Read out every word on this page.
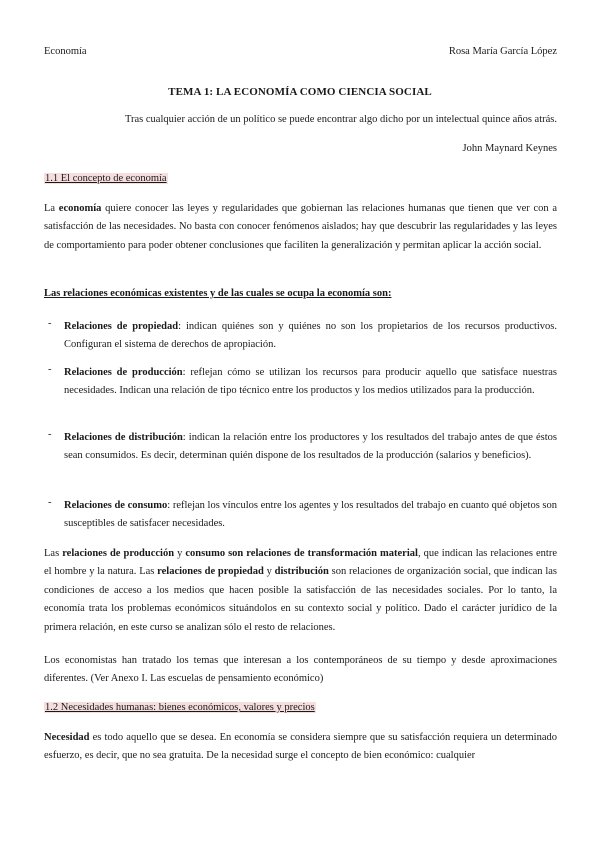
Economía	Rosa María García López
TEMA 1: LA ECONOMÍA COMO CIENCIA SOCIAL
Tras cualquier acción de un político se puede encontrar algo dicho por un intelectual quince años atrás.
John Maynard Keynes
1.1 El concepto de economía
La economía quiere conocer las leyes y regularidades que gobiernan las relaciones humanas que tienen que ver con a satisfacción de las necesidades. No basta con conocer fenómenos aislados; hay que descubrir las regularidades y las leyes de comportamiento para poder obtener conclusiones que faciliten la generalización y permitan aplicar la acción social.
Las relaciones económicas existentes y de las cuales se ocupa la economía son:
- Relaciones de propiedad: indican quiénes son y quiénes no son los propietarios de los recursos productivos. Configuran el sistema de derechos de apropiación.
- Relaciones de producción: reflejan cómo se utilizan los recursos para producir aquello que satisface nuestras necesidades. Indican una relación de tipo técnico entre los productos y los medios utilizados para la producción.
- Relaciones de distribución: indican la relación entre los productores y los resultados del trabajo antes de que éstos sean consumidos. Es decir, determinan quién dispone de los resultados de la producción (salarios y beneficios).
- Relaciones de consumo: reflejan los vínculos entre los agentes y los resultados del trabajo en cuanto qué objetos son susceptibles de satisfacer necesidades.
Las relaciones de producción y consumo son relaciones de transformación material, que indican las relaciones entre el hombre y la natura. Las relaciones de propiedad y distribución son relaciones de organización social, que indican las condiciones de acceso a los medios que hacen posible la satisfacción de las necesidades sociales. Por lo tanto, la economía trata los problemas económicos situándolos en su contexto social y político. Dado el carácter jurídico de la primera relación, en este curso se analizan sólo el resto de relaciones.
Los economistas han tratado los temas que interesan a los contemporáneos de su tiempo y desde aproximaciones diferentes. (Ver Anexo I. Las escuelas de pensamiento económico)
1.2 Necesidades humanas: bienes económicos, valores y precios
Necesidad es todo aquello que se desea. En economía se considera siempre que su satisfacción requiera un determinado esfuerzo, es decir, que no sea gratuita. De la necesidad surge el concepto de bien económico: cualquier
